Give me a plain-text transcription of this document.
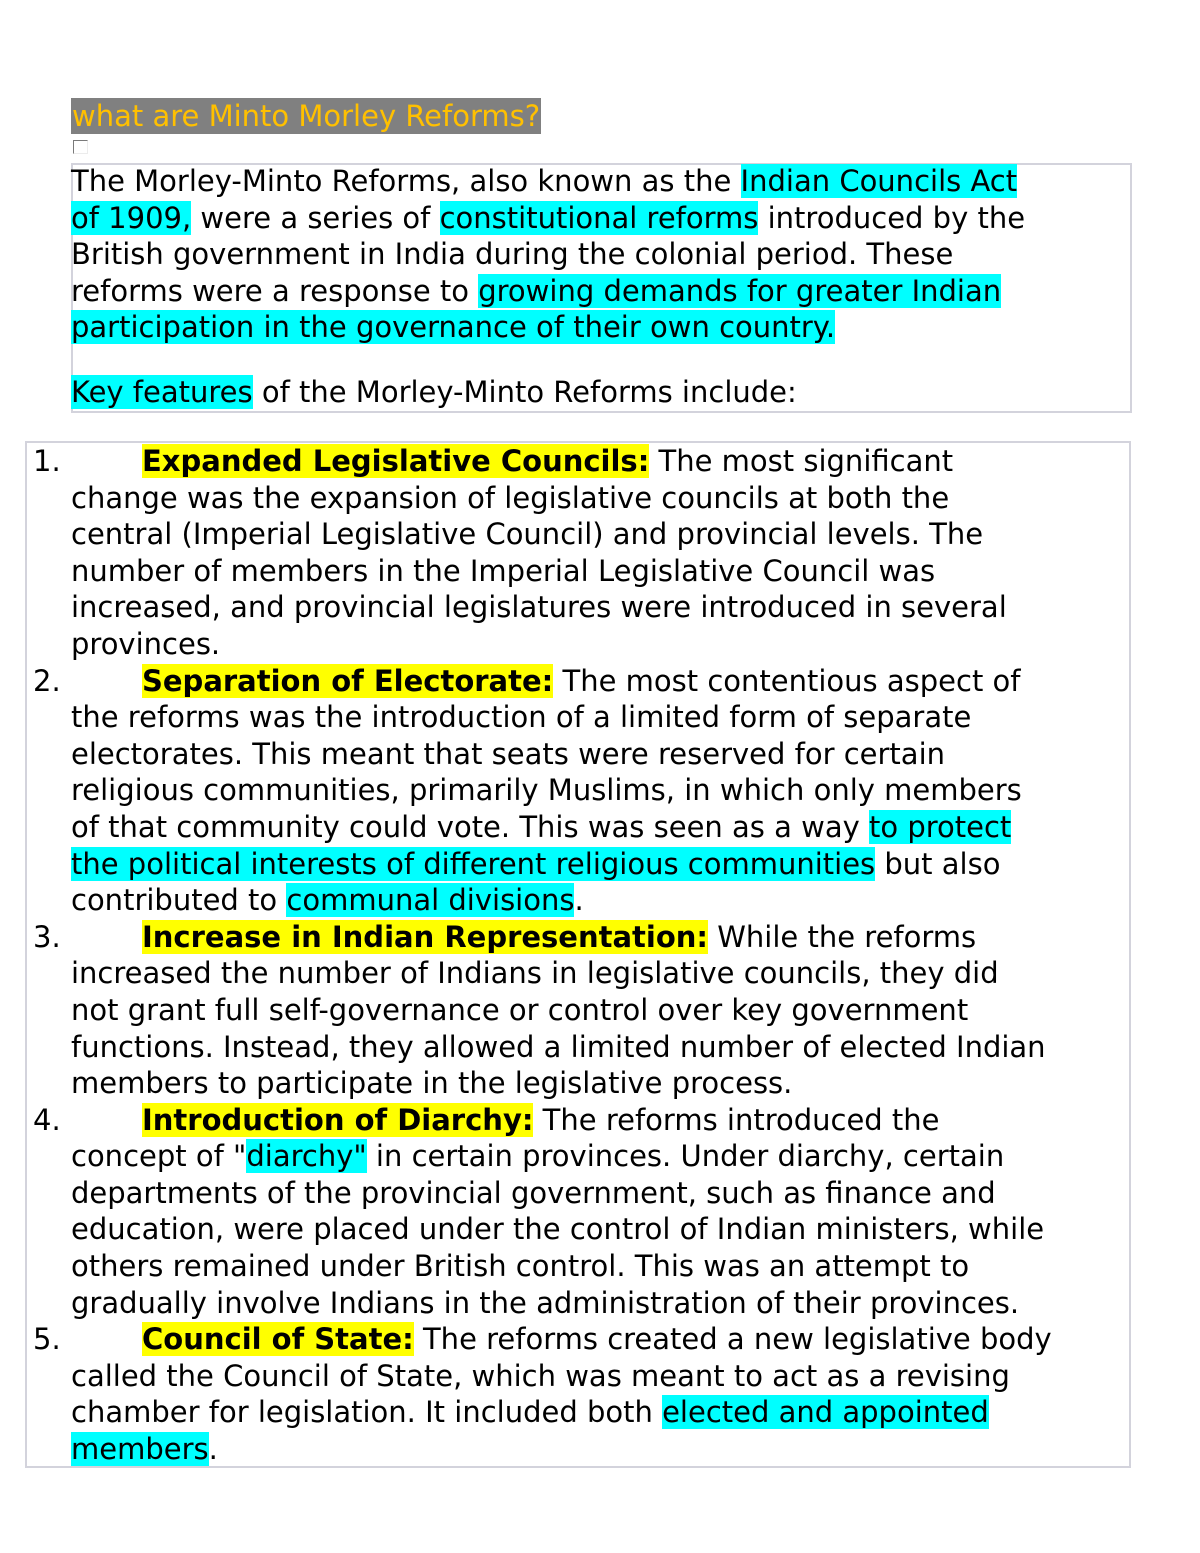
what are Minto Morley Reforms?

The Morley-Minto Reforms, also known as the Indian Councils Act

of 1909, were a series of constitutional reforms introduced by the

British government in India during the colonial period. These

reforms were a response to growing demands for greater Indian

participation in the governance of their own country.

Key features of the Morley-Minto Reforms include:

1.	Expanded Legislative Councils: The most significant
change was the expansion of legislative councils at both the
central (Imperial Legislative Council) and provincial levels. The
number of members in the Imperial Legislative Council was
increased, and provincial legislatures were introduced in several
provinces.
2.	Separation of Electorate: The most contentious aspect of
the reforms was the introduction of a limited form of separate
electorates. This meant that seats were reserved for certain
religious communities, primarily Muslims, in which only members
of that community could vote. This was seen as a way to protect
the political interests of different religious communities but also
contributed to communal divisions.
3.	Increase in Indian Representation: While the reforms
increased the number of Indians in legislative councils, they did
not grant full self-governance or control over key government
functions. Instead, they allowed a limited number of elected Indian
members to participate in the legislative process.
4.	Introduction of Diarchy: The reforms introduced the
concept of "diarchy" in certain provinces. Under diarchy, certain
departments of the provincial government, such as finance and
education, were placed under the control of Indian ministers, while
others remained under British control. This was an attempt to
gradually involve Indians in the administration of their provinces.
5.	Council of State: The reforms created a new legislative body
called the Council of State, which was meant to act as a revising
chamber for legislation. It included both elected and appointed
members.
